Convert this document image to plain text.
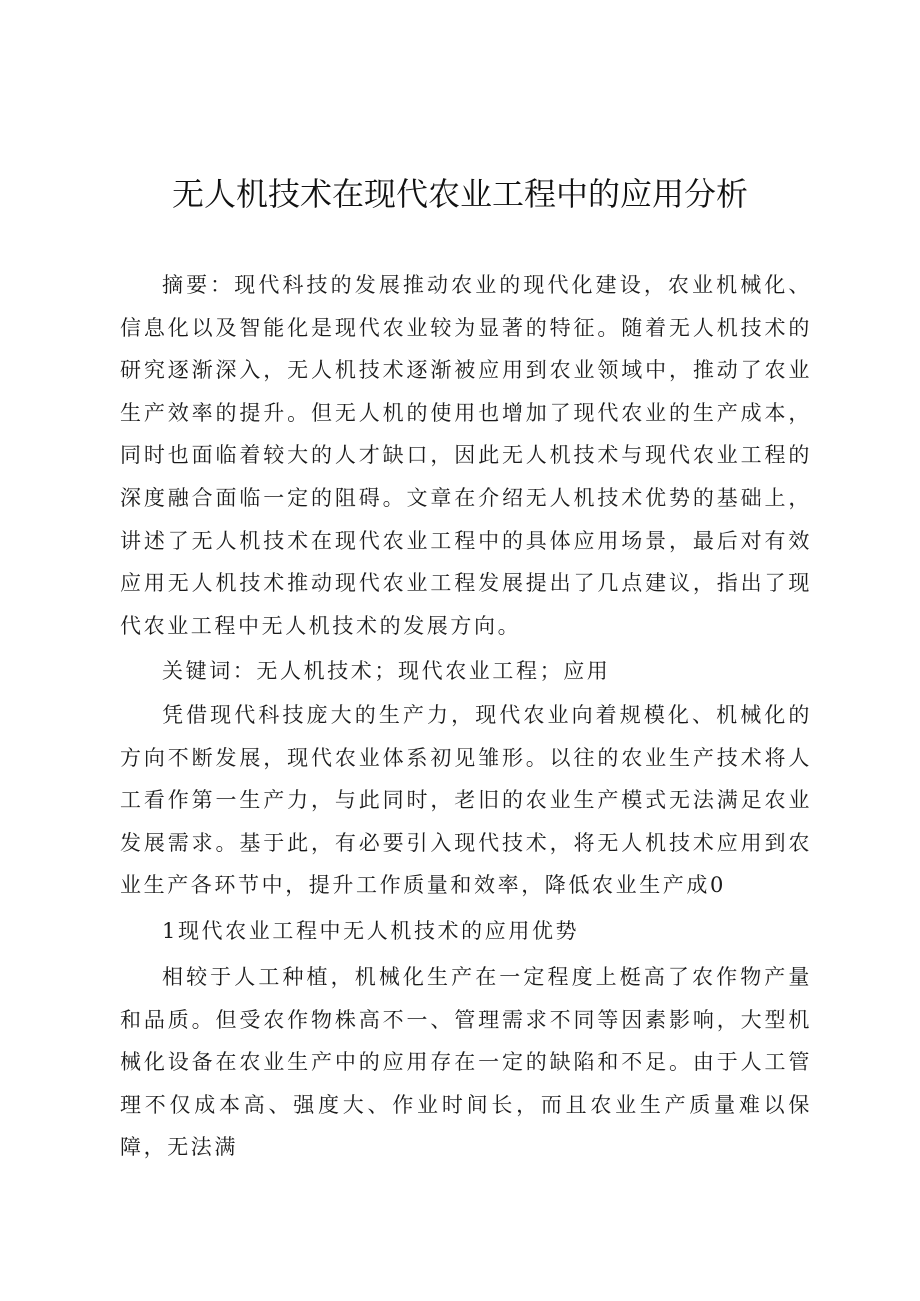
无人机技术在现代农业工程中的应用分析

摘要：现代科技的发展推动农业的现代化建设，农业机械化、信息化以及智能化是现代农业较为显著的特征。随着无人机技术的研究逐渐深入，无人机技术逐渐被应用到农业领域中，推动了农业生产效率的提升。但无人机的使用也增加了现代农业的生产成本，同时也面临着较大的人才缺口，因此无人机技术与现代农业工程的深度融合面临一定的阻碍。文章在介绍无人机技术优势的基础上，讲述了无人机技术在现代农业工程中的具体应用场景，最后对有效应用无人机技术推动现代农业工程发展提出了几点建议，指出了现代农业工程中无人机技术的发展方向。

关键词：无人机技术；现代农业工程；应用

凭借现代科技庞大的生产力，现代农业向着规模化、机械化的方向不断发展，现代农业体系初见雏形。以往的农业生产技术将人工看作第一生产力，与此同时，老旧的农业生产模式无法满足农业发展需求。基于此，有必要引入现代技术，将无人机技术应用到农业生产各环节中，提升工作质量和效率，降低农业生产成0

1现代农业工程中无人机技术的应用优势

相较于人工种植，机械化生产在一定程度上梃高了农作物产量和品质。但受农作物株高不一、管理需求不同等因素影响，大型机械化设备在农业生产中的应用存在一定的缺陷和不足。由于人工管理不仅成本高、强度大、作业时间长，而且农业生产质量难以保障，无法满
